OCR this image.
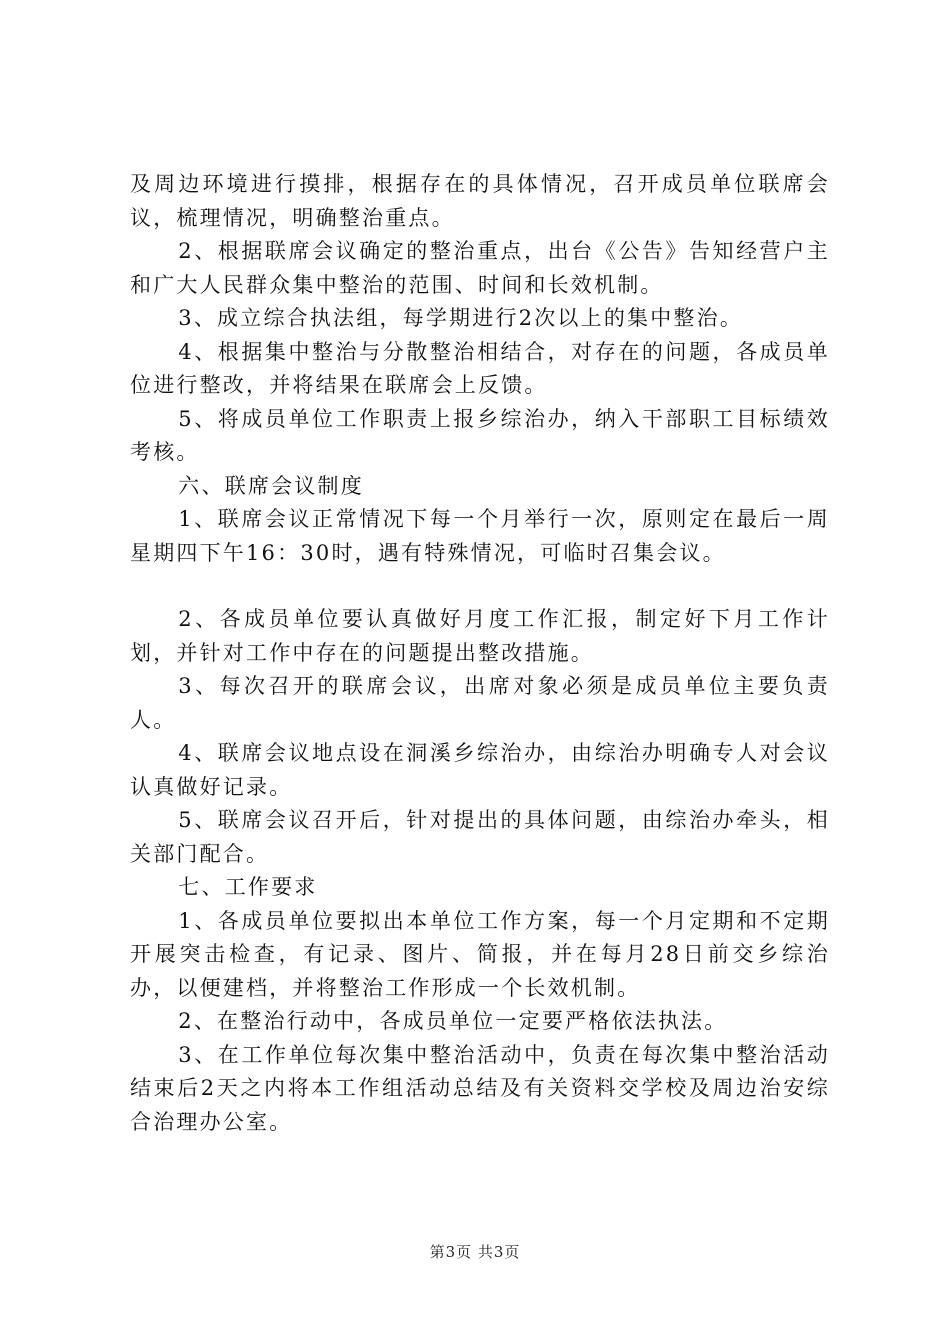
及周边环境进行摸排，根据存在的具体情况，召开成员单位联席会议，梳理情况，明确整治重点。

2、根据联席会议确定的整治重点，出台《公告》告知经营户主和广大人民群众集中整治的范围、时间和长效机制。

3、成立综合执法组，每学期进行2次以上的集中整治。

4、根据集中整治与分散整治相结合，对存在的问题，各成员单位进行整改，并将结果在联席会上反馈。

5、将成员单位工作职责上报乡综治办，纳入干部职工目标绩效考核。

六、联席会议制度

1、联席会议正常情况下每一个月举行一次，原则定在最后一周星期四下午16：30时，遇有特殊情况，可临时召集会议。

2、各成员单位要认真做好月度工作汇报，制定好下月工作计划，并针对工作中存在的问题提出整改措施。

3、每次召开的联席会议，出席对象必须是成员单位主要负责人。

4、联席会议地点设在洞溪乡综治办，由综治办明确专人对会议认真做好记录。

5、联席会议召开后，针对提出的具体问题，由综治办牵头，相关部门配合。

七、工作要求

1、各成员单位要拟出本单位工作方案，每一个月定期和不定期开展突击检查，有记录、图片、简报，并在每月28日前交乡综治办，以便建档，并将整治工作形成一个长效机制。

2、在整治行动中，各成员单位一定要严格依法执法。

3、在工作单位每次集中整治活动中，负责在每次集中整治活动结束后2天之内将本工作组活动总结及有关资料交学校及周边治安综合治理办公室。

第3页 共3页
